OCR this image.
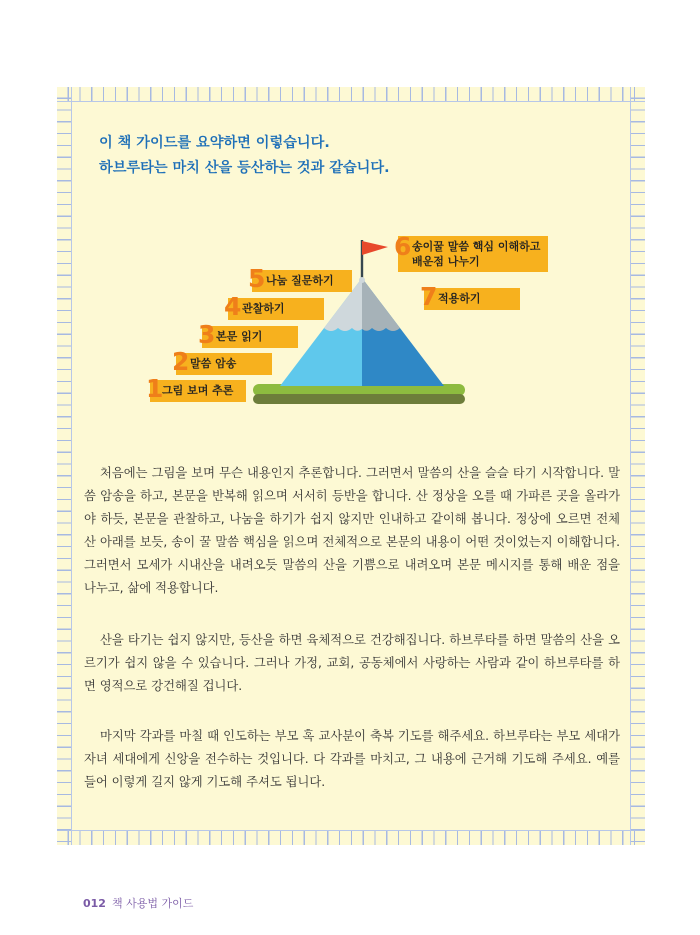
이 책 가이드를 요약하면 이렇습니다.
하브루타는 마치 산을 등산하는 것과 같습니다.
1
그림 보며 추론
2 말씀 암송
3 본문 읽기
4 관찰하기
5 나눔 질문하기
6 송이꿀 말씀 핵심 이해하고
배운점 나누기
7 적용하기

처음에는 그림을 보며 무슨 내용인지 추론합니다. 그러면서 말씀의 산을 슬슬 타기 시작합니다. 말씀 암송을 하고, 본문을 반복해 읽으며 서서히 등반을 합니다. 산 정상을 오를 때 가파른 곳을 올라가야 하듯, 본문을 관찰하고, 나눔을 하기가 쉽지 않지만 인내하고 같이해 봅니다. 정상에 오르면 전체 산 아래를 보듯, 송이 꿀 말씀 핵심을 읽으며 전체적으로 본문의 내용이 어떤 것이었는지 이해합니다. 그러면서 모세가 시내산을 내려오듯 말씀의 산을 기쁨으로 내려오며 본문 메시지를 통해 배운 점을 나누고, 삶에 적용합니다.

산을 타기는 쉽지 않지만, 등산을 하면 육체적으로 건강해집니다. 하브루타를 하면 말씀의 산을 오르기가 쉽지 않을 수 있습니다. 그러나 가정, 교회, 공동체에서 사랑하는 사람과 같이 하브루타를 하면 영적으로 강건해질 겁니다.

마지막 각과를 마칠 때 인도하는 부모 혹 교사분이 축복 기도를 해주세요. 하브루타는 부모 세대가 자녀 세대에게 신앙을 전수하는 것입니다. 다 각과를 마치고, 그 내용에 근거해 기도해 주세요. 예를 들어 이렇게 길지 않게 기도해 주셔도 됩니다.

012 책 사용법 가이드
